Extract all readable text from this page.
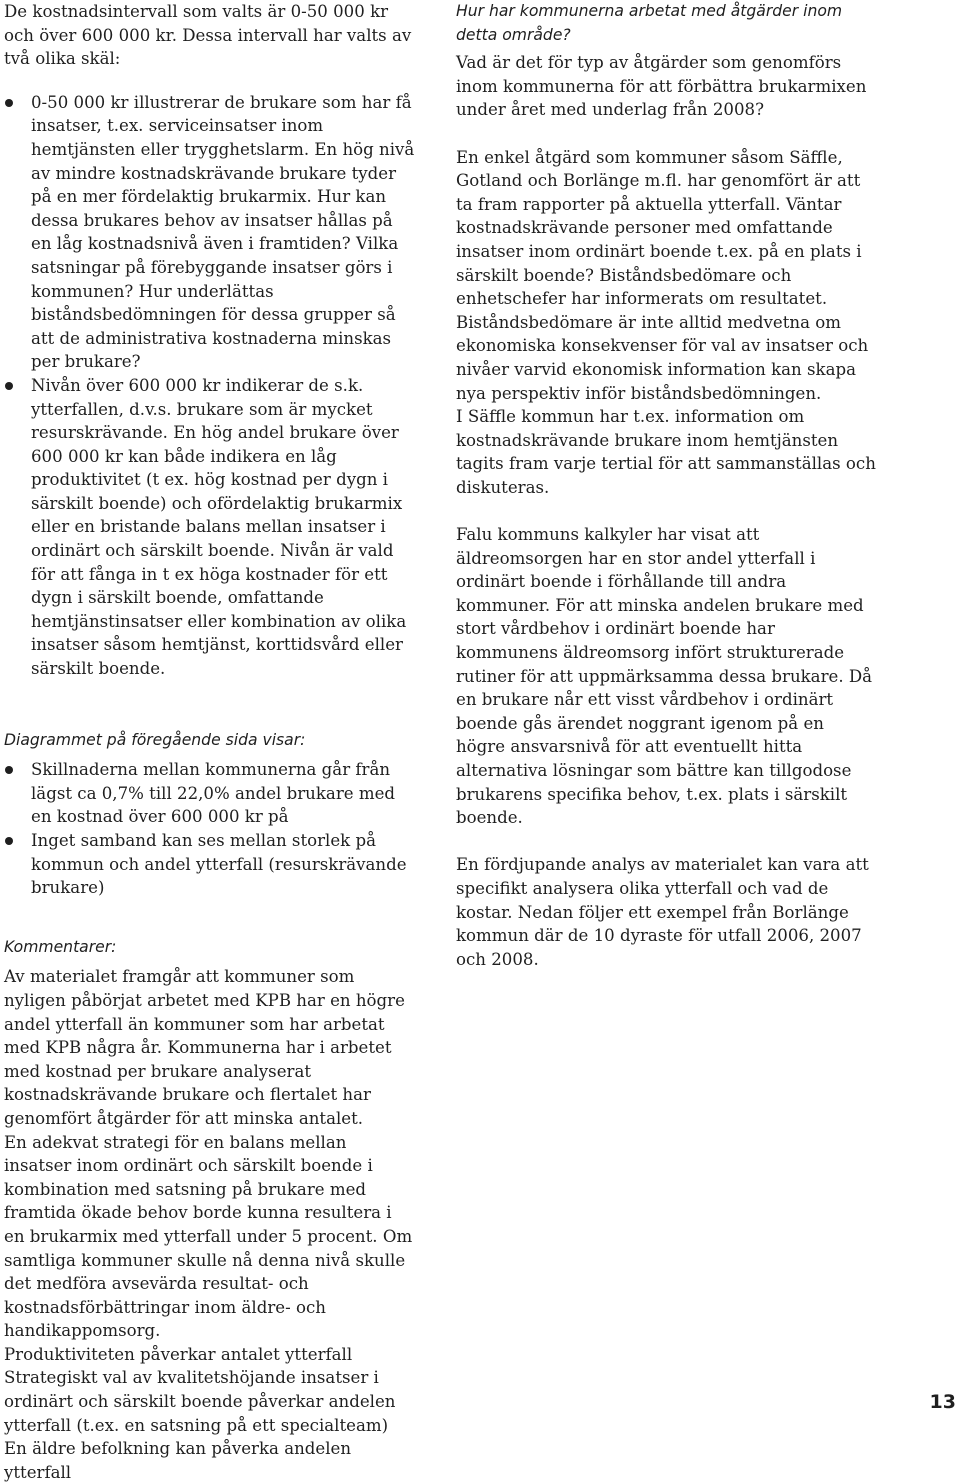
De kostnadsintervall som valts är 0-50 000 kr och över 600 000 kr. Dessa intervall har valts av två olika skäl:

0-50 000 kr illustrerar de brukare som har få insatser, t.ex. serviceinsatser inom hemtjänsten eller trygghetslarm. En hög nivå av mindre kostnadskrävande brukare tyder på en mer fördelaktig brukarmix. Hur kan dessa brukares behov av insatser hållas på en låg kostnadsnivå även i framtiden? Vilka satsningar på förebyggande insatser görs i kommunen? Hur underlättas biståndsbedömningen för dessa grupper så att de administrativa kostnaderna minskas per brukare?
Nivån över 600 000 kr indikerar de s.k. ytterfallen, d.v.s. brukare som är mycket resurskrävande. En hög andel brukare över 600 000 kr kan både indikera en låg produktivitet (t ex. hög kostnad per dygn i särskilt boende) och ofördelaktig brukarmix eller en bristande balans mellan insatser i ordinärt och särskilt boende. Nivån är vald för att fånga in t ex höga kostnader för ett dygn i särskilt boende, omfattande hemtjänstinsatser eller kombination av olika insatser såsom hemtjänst, korttidsvård eller särskilt boende.

Diagrammet på föregående sida visar:

Skillnaderna mellan kommunerna går från lägst ca 0,7% till 22,0% andel brukare med en kostnad över 600 000 kr på
Inget samband kan ses mellan storlek på kommun och andel ytterfall (resurskrävande brukare)

Kommentarer:

Av materialet framgår att kommuner som nyligen påbörjat arbetet med KPB har en högre andel ytterfall än kommuner som har arbetat med KPB några år. Kommunerna har i arbetet med kostnad per brukare analyserat kostnadskrävande brukare och flertalet har genomfört åtgärder för att minska antalet.

En adekvat strategi för en balans mellan insatser inom ordinärt och särskilt boende i kombination med satsning på brukare med framtida ökade behov borde kunna resultera i en brukarmix med ytterfall under 5 procent. Om samtliga kommuner skulle nå denna nivå skulle det medföra avsevärda resultat- och kostnadsförbättringar inom äldre- och handikappomsorg.

Produktiviteten påverkar antalet ytterfall

Strategiskt val av kvalitetshöjande insatser i ordinärt och särskilt boende påverkar andelen ytterfall (t.ex. en satsning på ett specialteam)

En äldre befolkning kan påverka andelen ytterfall

Hur har kommunerna arbetat med åtgärder inom detta område?

Vad är det för typ av åtgärder som genomförs inom kommunerna för att förbättra brukarmixen under året med underlag från 2008?

En enkel åtgärd som kommuner såsom Säffle, Gotland och Borlänge m.fl. har genomfört är att ta fram rapporter på aktuella ytterfall. Väntar kostnadskrävande personer med omfattande insatser inom ordinärt boende t.ex. på en plats i särskilt boende? Biståndsbedömare och enhetschefer har informerats om resultatet. Biståndsbedömare är inte alltid medvetna om ekonomiska konsekvenser för val av insatser och nivåer varvid ekonomisk information kan skapa nya perspektiv inför biståndsbedömningen.

I Säffle kommun har t.ex. information om kostnadskrävande brukare inom hemtjänsten tagits fram varje tertial för att sammanställas och diskuteras.

Falu kommuns kalkyler har visat att äldreomsorgen har en stor andel ytterfall i ordinärt boende i förhållande till andra kommuner. För att minska andelen brukare med stort vårdbehov i ordinärt boende har kommunens äldreomsorg infört strukturerade rutiner för att uppmärksamma dessa brukare. Då en brukare når ett visst vårdbehov i ordinärt boende gås ärendet noggrant igenom på en högre ansvarsnivå för att eventuellt hitta alternativa lösningar som bättre kan tillgodose brukarens specifika behov, t.ex. plats i särskilt boende.

En fördjupande analys av materialet kan vara att specifikt analysera olika ytterfall och vad de kostar. Nedan följer ett exempel från Borlänge kommun där de 10 dyraste för utfall 2006, 2007 och 2008.

13
